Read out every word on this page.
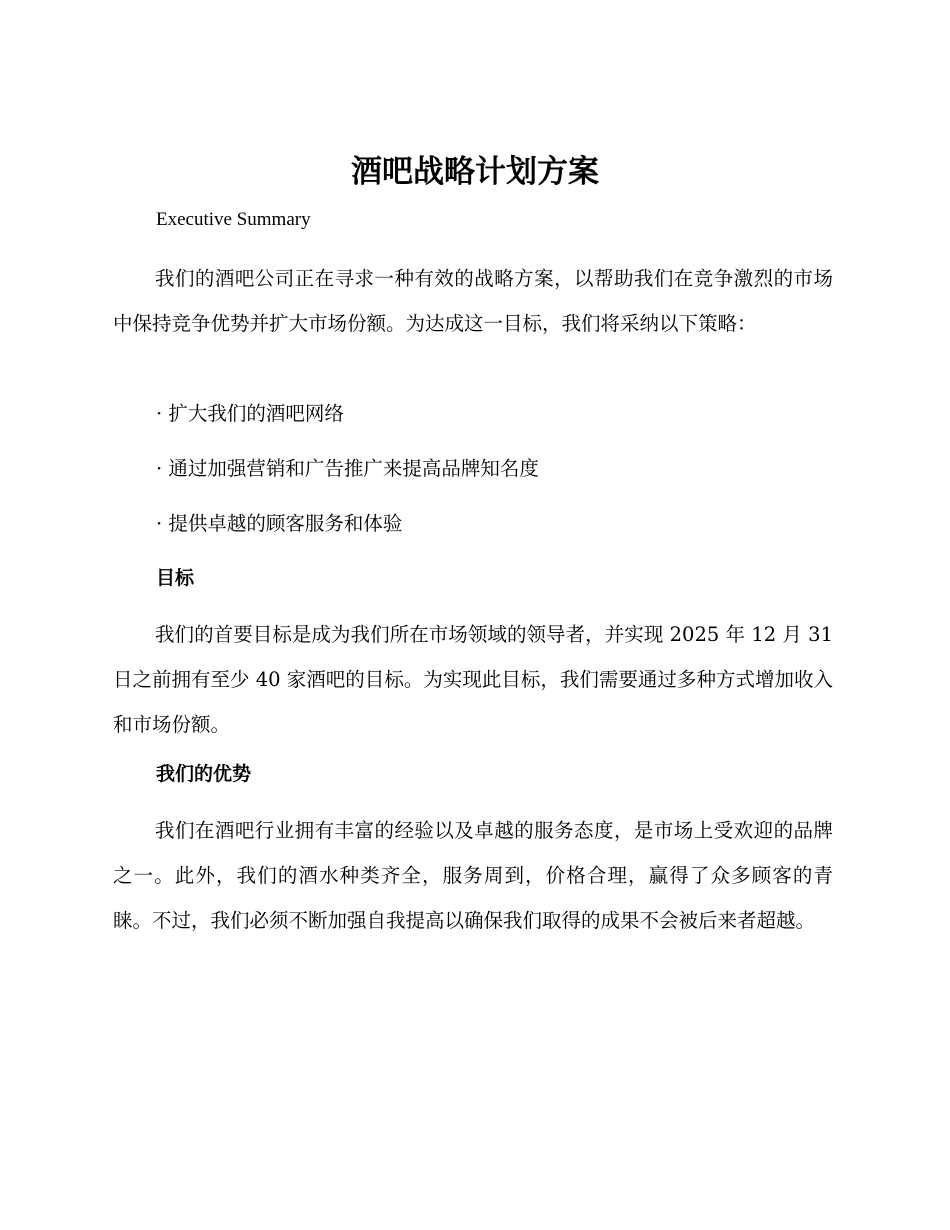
酒吧战略计划方案
Executive Summary

我们的酒吧公司正在寻求一种有效的战略方案，以帮助我们在竞争激烈的市场中保持竞争优势并扩大市场份额。为达成这一目标，我们将采纳以下策略：

· 扩大我们的酒吧网络

· 通过加强营销和广告推广来提高品牌知名度

· 提供卓越的顾客服务和体验

目标

我们的首要目标是成为我们所在市场领域的领导者，并实现 2025 年 12 月 31 日之前拥有至少 40 家酒吧的目标。为实现此目标，我们需要通过多种方式增加收入和市场份额。

我们的优势

我们在酒吧行业拥有丰富的经验以及卓越的服务态度，是市场上受欢迎的品牌之一。此外，我们的酒水种类齐全，服务周到，价格合理，赢得了众多顾客的青睐。不过，我们必须不断加强自我提高以确保我们取得的成果不会被后来者超越。
